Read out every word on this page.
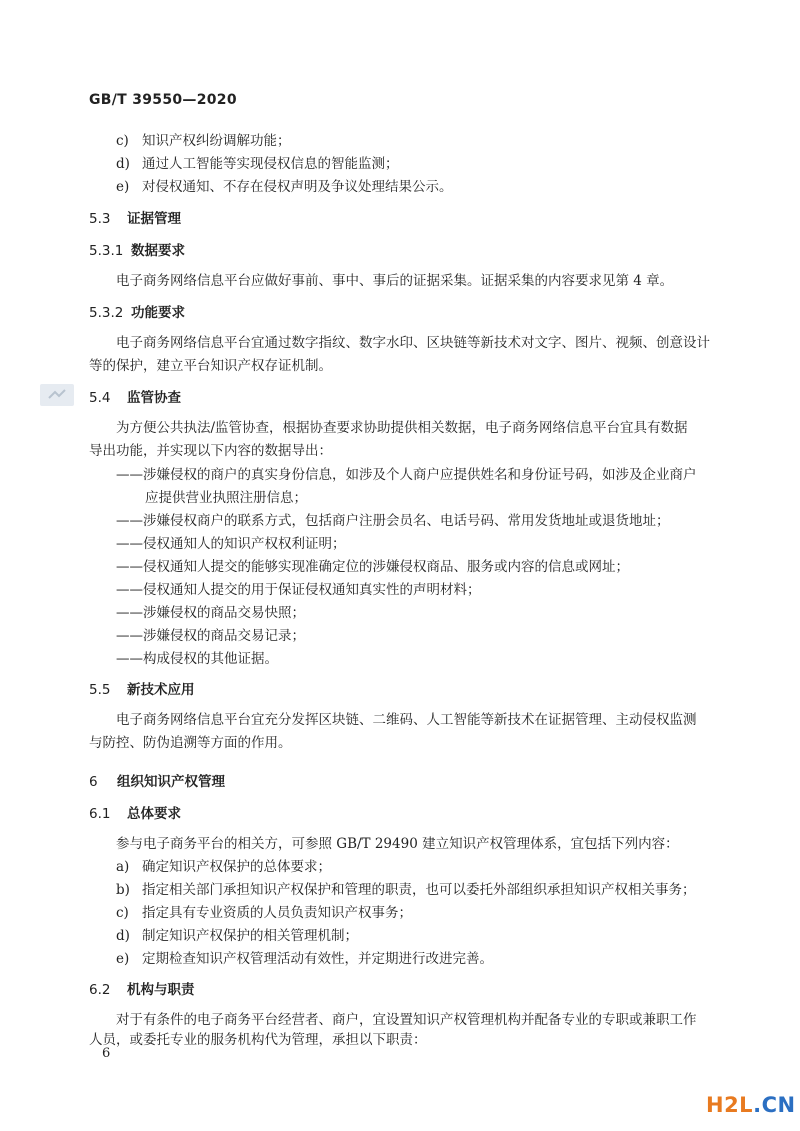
GB/T 39550—2020
c) 知识产权纠纷调解功能；
d) 通过人工智能等实现侵权信息的智能监测；
e) 对侵权通知、不存在侵权声明及争议处理结果公示。
5.3 证据管理
5.3.1 数据要求
电子商务网络信息平台应做好事前、事中、事后的证据采集。证据采集的内容要求见第 4 章。
5.3.2 功能要求
电子商务网络信息平台宜通过数字指纹、数字水印、区块链等新技术对文字、图片、视频、创意设计
等的保护，建立平台知识产权存证机制。
5.4 监管协查
为方便公共执法/监管协查，根据协查要求协助提供相关数据，电子商务网络信息平台宜具有数据
导出功能，并实现以下内容的数据导出：
——涉嫌侵权的商户的真实身份信息，如涉及个人商户应提供姓名和身份证号码，如涉及企业商户
应提供营业执照注册信息；
——涉嫌侵权商户的联系方式，包括商户注册会员名、电话号码、常用发货地址或退货地址；
——侵权通知人的知识产权权利证明；
——侵权通知人提交的能够实现准确定位的涉嫌侵权商品、服务或内容的信息或网址；
——侵权通知人提交的用于保证侵权通知真实性的声明材料；
——涉嫌侵权的商品交易快照；
——涉嫌侵权的商品交易记录；
——构成侵权的其他证据。
5.5 新技术应用
电子商务网络信息平台宜充分发挥区块链、二维码、人工智能等新技术在证据管理、主动侵权监测
与防控、防伪追溯等方面的作用。
6 组织知识产权管理
6.1 总体要求
参与电子商务平台的相关方，可参照 GB/T 29490 建立知识产权管理体系，宜包括下列内容：
a) 确定知识产权保护的总体要求；
b) 指定相关部门承担知识产权保护和管理的职责，也可以委托外部组织承担知识产权相关事务；
c) 指定具有专业资质的人员负责知识产权事务；
d) 制定知识产权保护的相关管理机制；
e) 定期检查知识产权管理活动有效性，并定期进行改进完善。
6.2 机构与职责
对于有条件的电子商务平台经营者、商户，宜设置知识产权管理机构并配备专业的专职或兼职工作
人员，或委托专业的服务机构代为管理，承担以下职责：
6
H2L.CN
